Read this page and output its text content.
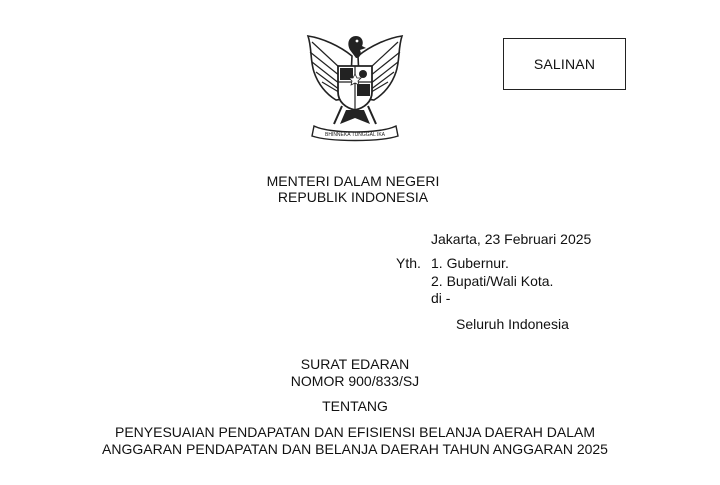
BHINNEKA TUNGGAL IKA
SALINAN
MENTERI DALAM NEGERI
REPUBLIK INDONESIA
Jakarta, 23 Februari 2025
Yth. 1. Gubernur.
2. Bupati/Wali Kota.
di -
Seluruh Indonesia
SURAT EDARAN
NOMOR 900/833/SJ
TENTANG
PENYESUAIAN PENDAPATAN DAN EFISIENSI BELANJA DAERAH DALAM
ANGGARAN PENDAPATAN DAN BELANJA DAERAH TAHUN ANGGARAN 2025
